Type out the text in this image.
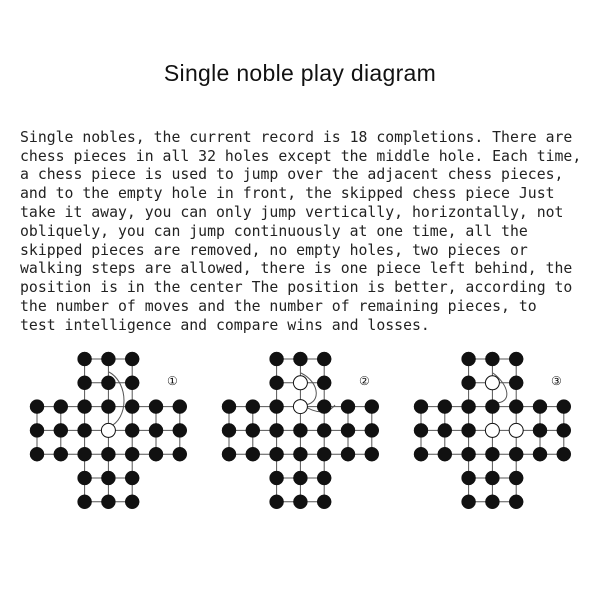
Single noble play diagram

Single nobles, the current record is 18 completions. There are
chess pieces in all 32 holes except the middle hole. Each time,
a chess piece is used to jump over the adjacent chess pieces,
and to the empty hole in front, the skipped chess piece Just
take it away, you can only jump vertically, horizontally, not
obliquely, you can jump continuously at one time, all the
skipped pieces are removed, no empty holes, two pieces or
walking steps are allowed, there is one piece left behind, the
position is in the center The position is better, according to
the number of moves and the number of remaining pieces, to
test intelligence and compare wins and losses.

①	②	③
